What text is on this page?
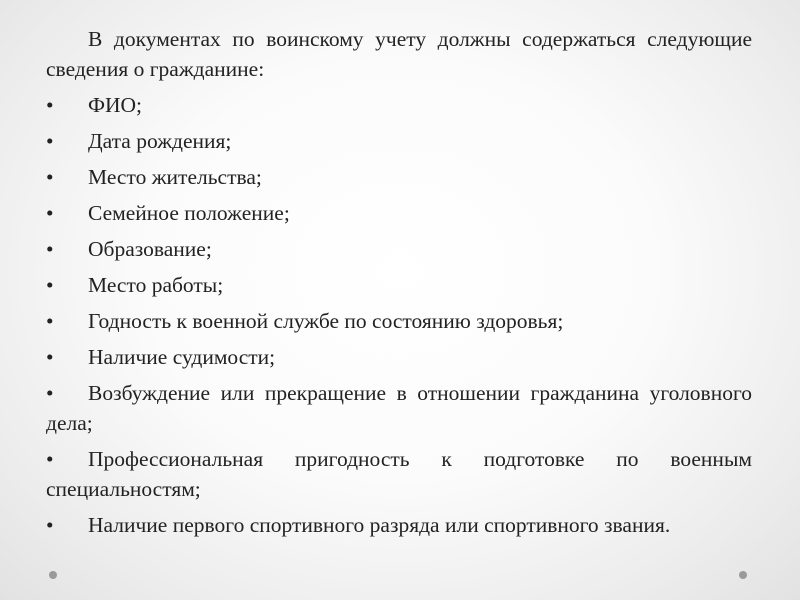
В документах по воинскому учету должны содержаться следующие сведения о гражданине:

• ФИО;
• Дата рождения;
• Место жительства;
• Семейное положение;
• Образование;
• Место работы;
• Годность к военной службе по состоянию здоровья;
• Наличие судимости;
• Возбуждение или прекращение в отношении гражданина уголовного дела;
• Профессиональная пригодность к подготовке по военным специальностям;
• Наличие первого спортивного разряда или спортивного звания.
